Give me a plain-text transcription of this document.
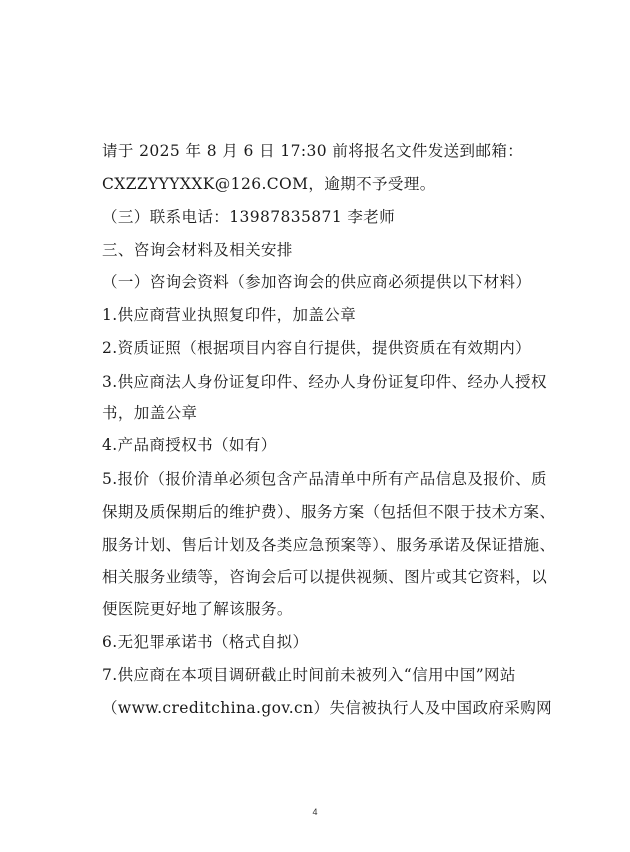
请于 2025 年 8 月 6 日 17:30 前将报名文件发送到邮箱：
CXZZYYYXXK@126.COM，逾期不予受理。
（三）联系电话：13987835871 李老师
三、咨询会材料及相关安排
（一）咨询会资料（参加咨询会的供应商必须提供以下材料）
1.供应商营业执照复印件，加盖公章
2.资质证照（根据项目内容自行提供，提供资质在有效期内）
3.供应商法人身份证复印件、经办人身份证复印件、经办人授权
书，加盖公章
4.产品商授权书（如有）
5.报价（报价清单必须包含产品清单中所有产品信息及报价、质
保期及质保期后的维护费）、服务方案（包括但不限于技术方案、
服务计划、售后计划及各类应急预案等）、服务承诺及保证措施、
相关服务业绩等，咨询会后可以提供视频、图片或其它资料，以
便医院更好地了解该服务。
6.无犯罪承诺书（格式自拟）
7.供应商在本项目调研截止时间前未被列入“信用中国”网站
（www.creditchina.gov.cn）失信被执行人及中国政府采购网
4
